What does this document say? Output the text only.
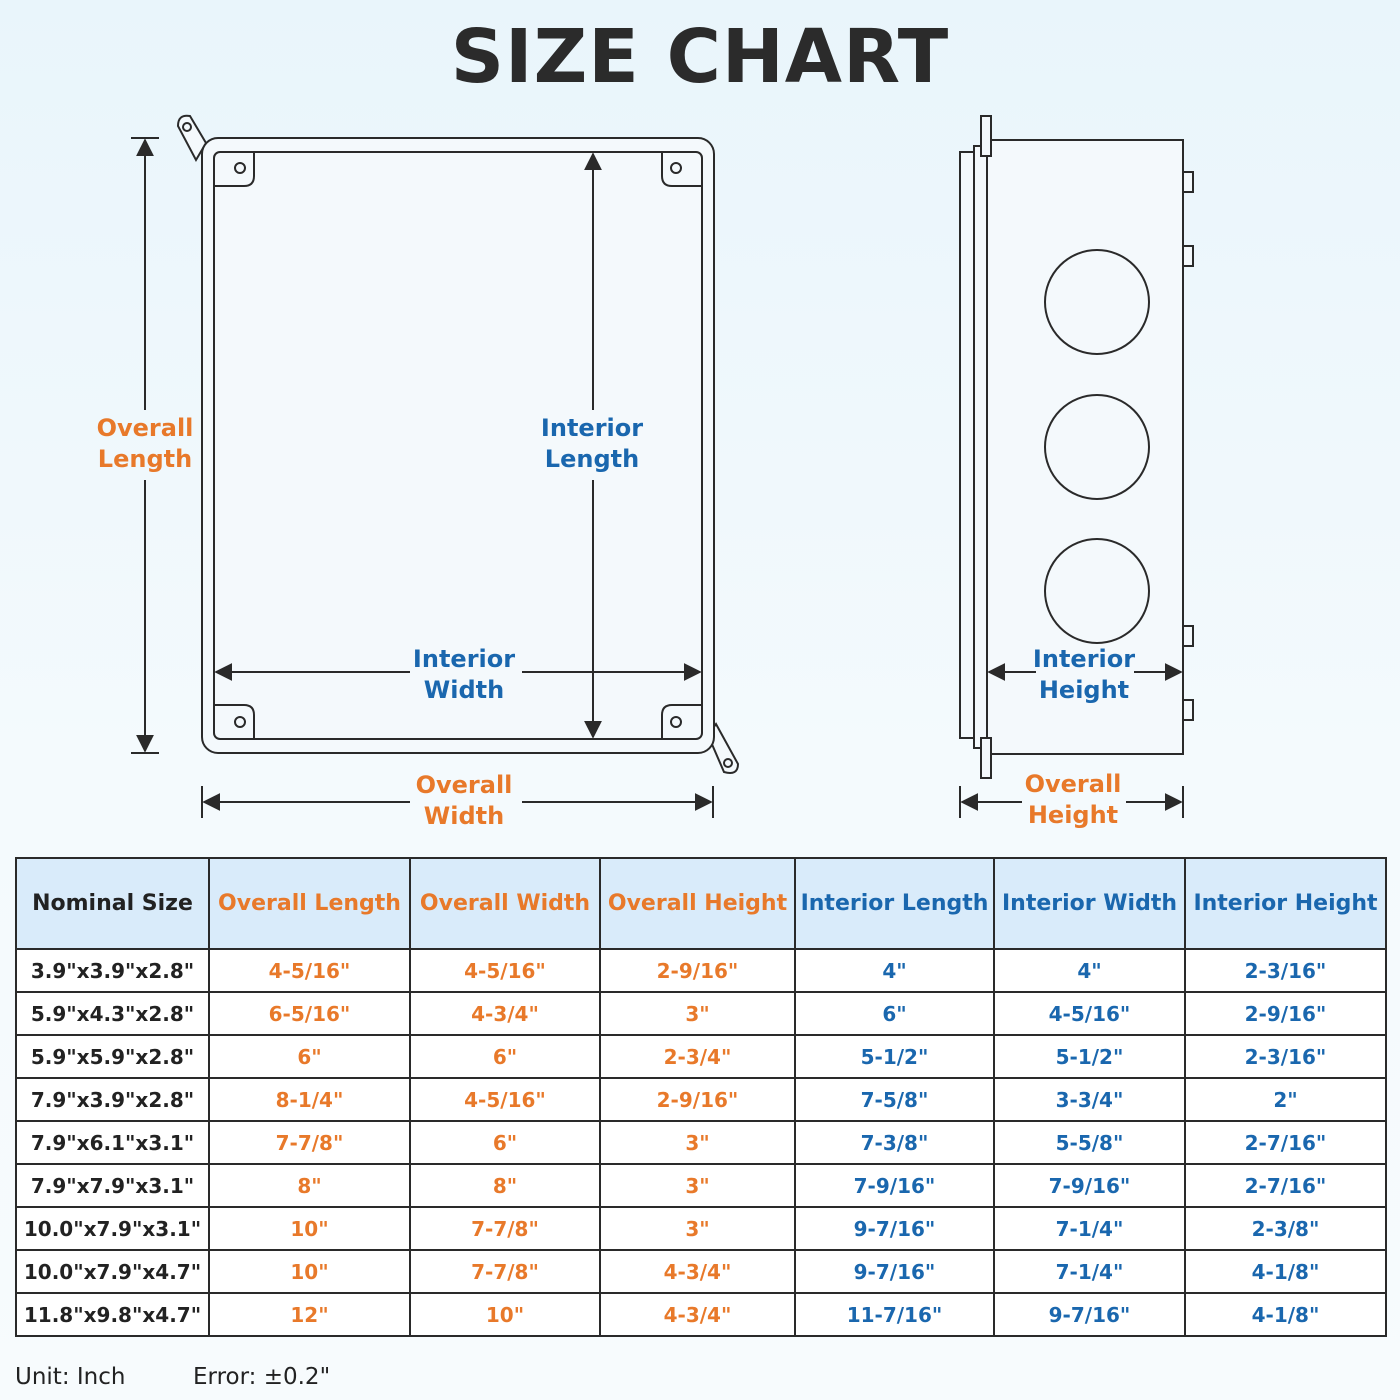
SIZE CHART
Overall
Length
Interior
Length
Interior
Width
Overall
Width
Interior
Height
Overall
Height
Nominal Size	Overall Length	Overall Width	Overall Height	Interior Length	Interior Width	Interior Height
3.9"x3.9"x2.8"	4-5/16"	4-5/16"	2-9/16"	4"	4"	2-3/16"
5.9"x4.3"x2.8"	6-5/16"	4-3/4"	3"	6"	4-5/16"	2-9/16"
5.9"x5.9"x2.8"	6"	6"	2-3/4"	5-1/2"	5-1/2"	2-3/16"
7.9"x3.9"x2.8"	8-1/4"	4-5/16"	2-9/16"	7-5/8"	3-3/4"	2"
7.9"x6.1"x3.1"	7-7/8"	6"	3"	7-3/8"	5-5/8"	2-7/16"
7.9"x7.9"x3.1"	8"	8"	3"	7-9/16"	7-9/16"	2-7/16"
10.0"x7.9"x3.1"	10"	7-7/8"	3"	9-7/16"	7-1/4"	2-3/8"
10.0"x7.9"x4.7"	10"	7-7/8"	4-3/4"	9-7/16"	7-1/4"	4-1/8"
11.8"x9.8"x4.7"	12"	10"	4-3/4"	11-7/16"	9-7/16"	4-1/8"
Unit: Inch	Error: ±0.2"
